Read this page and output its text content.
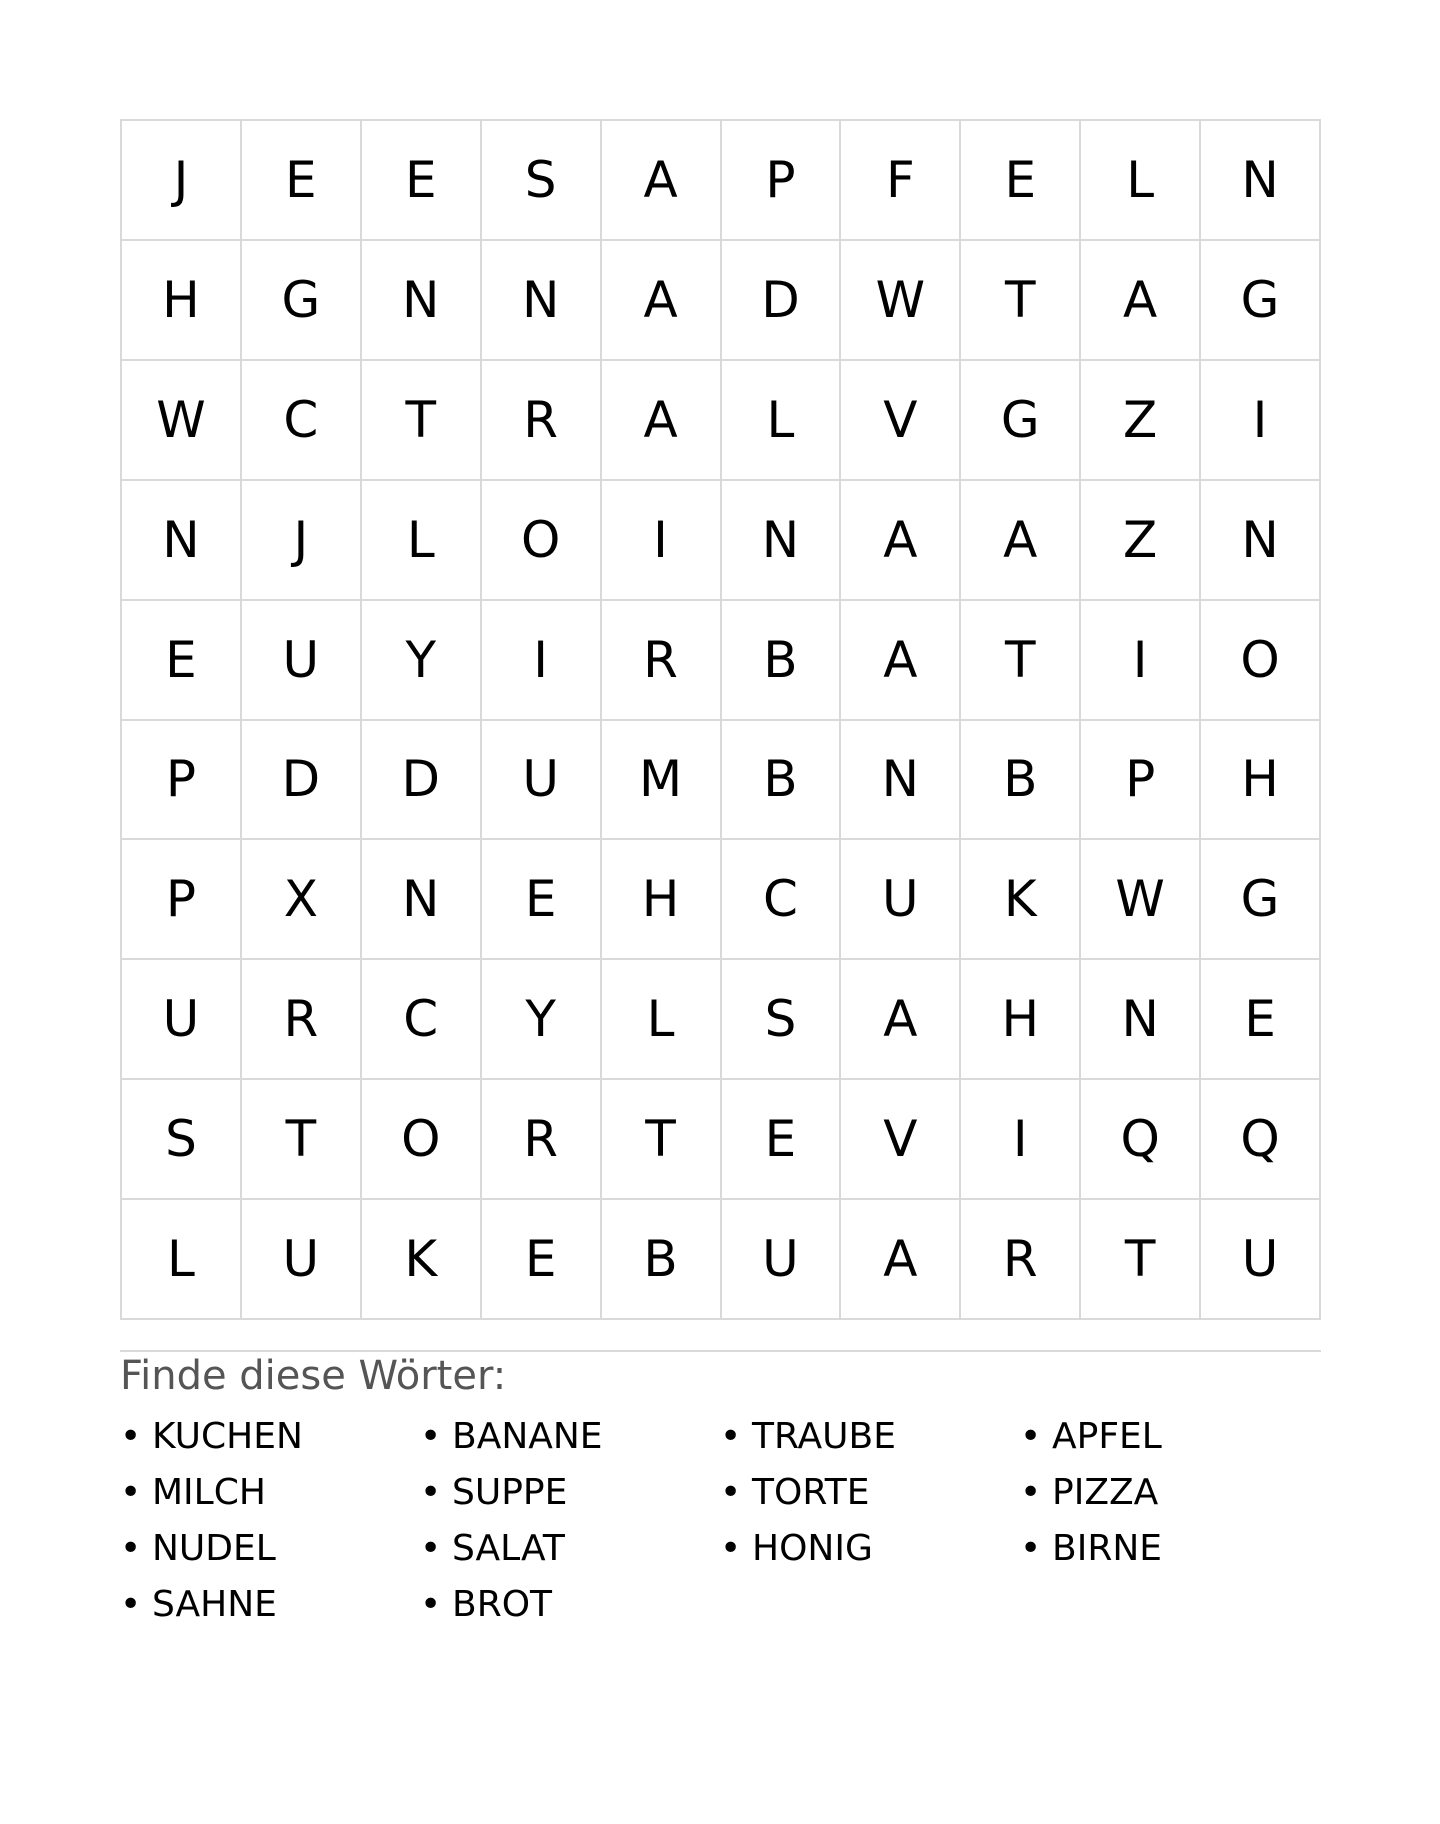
J	E	E	S	A	P	F	E	L	N
H	G	N	N	A	D	W	T	A	G
W	C	T	R	A	L	V	G	Z	I
N	J	L	O	I	N	A	A	Z	N
E	U	Y	I	R	B	A	T	I	O
P	D	D	U	M	B	N	B	P	H
P	X	N	E	H	C	U	K	W	G
U	R	C	Y	L	S	A	H	N	E
S	T	O	R	T	E	V	I	Q	Q
L	U	K	E	B	U	A	R	T	U
Finde diese Wörter:
• KUCHEN	• BANANE	• TRAUBE	• APFEL
• MILCH	• SUPPE	• TORTE	• PIZZA
• NUDEL	• SALAT	• HONIG	• BIRNE
• SAHNE	• BROT
